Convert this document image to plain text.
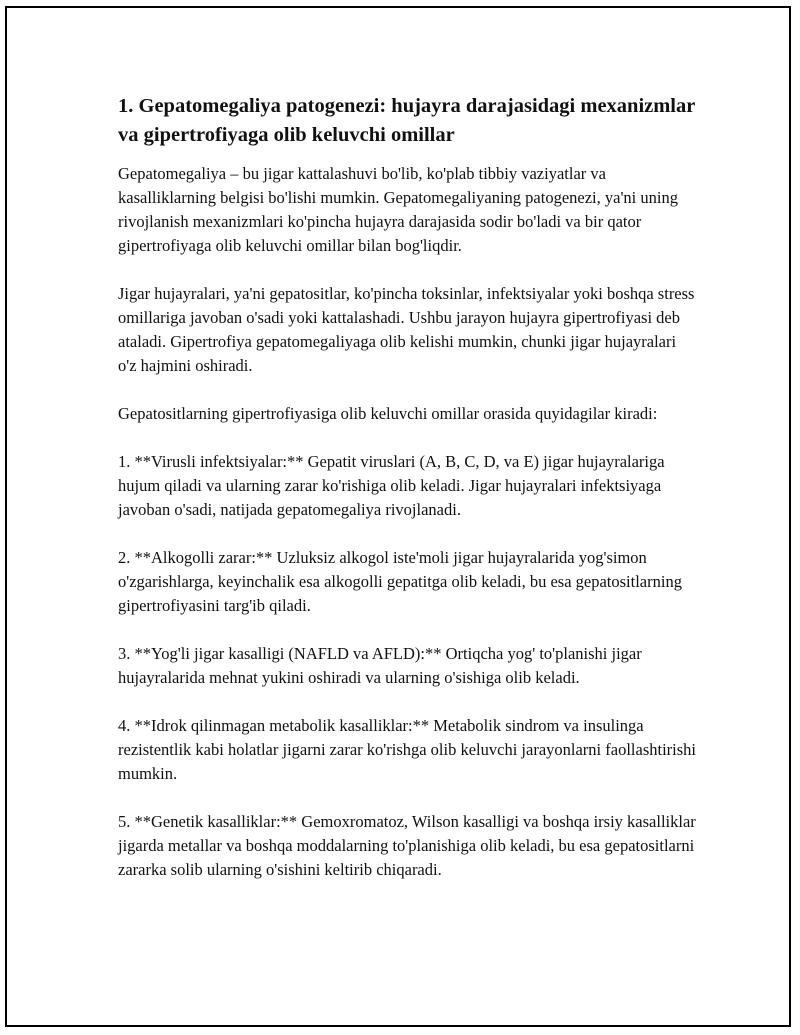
1. Gepatomegaliya patogenezi: hujayra darajasidagi mexanizmlar va gipertrofiyaga olib keluvchi omillar

Gepatomegaliya – bu jigar kattalashuvi bo'lib, ko'plab tibbiy vaziyatlar va kasalliklarning belgisi bo'lishi mumkin. Gepatomegaliyaning patogenezi, ya'ni uning rivojlanish mexanizmlari ko'pincha hujayra darajasida sodir bo'ladi va bir qator gipertrofiyaga olib keluvchi omillar bilan bog'liqdir.

Jigar hujayralari, ya'ni gepatositlar, ko'pincha toksinlar, infektsiyalar yoki boshqa stress omillariga javoban o'sadi yoki kattalashadi. Ushbu jarayon hujayra gipertrofiyasi deb ataladi. Gipertrofiya gepatomegaliyaga olib kelishi mumkin, chunki jigar hujayralari o'z hajmini oshiradi.

Gepatositlarning gipertrofiyasiga olib keluvchi omillar orasida quyidagilar kiradi:

1. **Virusli infektsiyalar:** Gepatit viruslari (A, B, C, D, va E) jigar hujayralariga hujum qiladi va ularning zarar ko'rishiga olib keladi. Jigar hujayralari infektsiyaga javoban o'sadi, natijada gepatomegaliya rivojlanadi.

2. **Alkogolli zarar:** Uzluksiz alkogol iste'moli jigar hujayralarida yog'simon o'zgarishlarga, keyinchalik esa alkogolli gepatitga olib keladi, bu esa gepatositlarning gipertrofiyasini targ'ib qiladi.

3. **Yog'li jigar kasalligi (NAFLD va AFLD):** Ortiqcha yog' to'planishi jigar hujayralarida mehnat yukini oshiradi va ularning o'sishiga olib keladi.

4. **Idrok qilinmagan metabolik kasalliklar:** Metabolik sindrom va insulinga rezistentlik kabi holatlar jigarni zarar ko'rishga olib keluvchi jarayonlarni faollashtirishi mumkin.

5. **Genetik kasalliklar:** Gemoxromatoz, Wilson kasalligi va boshqa irsiy kasalliklar jigarda metallar va boshqa moddalarning to'planishiga olib keladi, bu esa gepatositlarni zararka solib ularning o'sishini keltirib chiqaradi.
